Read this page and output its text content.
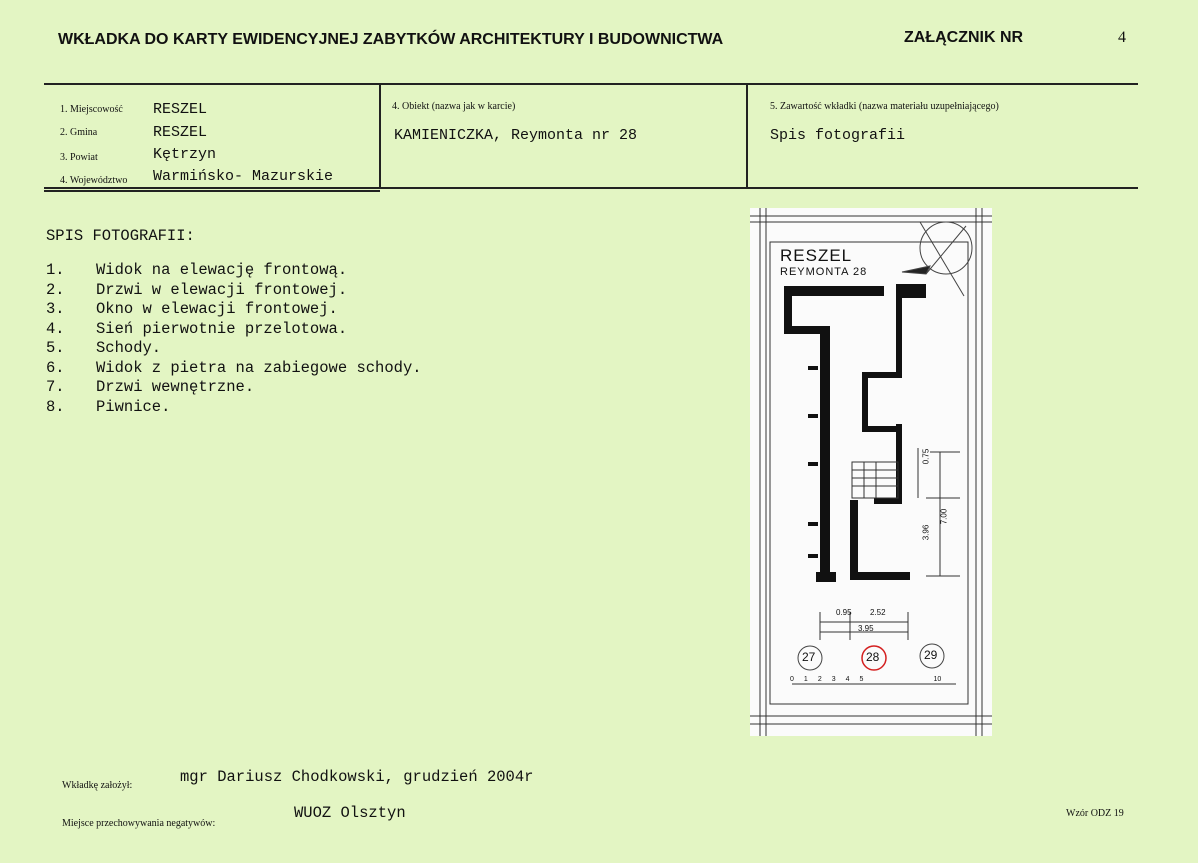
WKŁADKA DO KARTY EWIDENCYJNEJ ZABYTKÓW ARCHITEKTURY I BUDOWNICTWA	ZAŁĄCZNIK NR	4
1. Miejscowość RESZEL
2. Gmina	RESZEL
3. Powiat	Kętrzyn
4. Województwo Warmińsko- Mazurskie
4. Obiekt (nazwa jak w karcie)
KAMIENICZKA, Reymonta nr 28
5. Zawartość wkładki (nazwa materiału uzupełniającego)
Spis fotografii
SPIS FOTOGRAFII:
1.	Widok na elewację frontową.
2.	Drzwi w elewacji frontowej.
3.	Okno w elewacji frontowej.
4.	Sień pierwotnie przelotowa.
5.	Schody.
6.	Widok z pietra na zabiegowe schody.
7.	Drzwi wewnętrzne.
8.	Piwnice.
RESZEL
REYMONTA 28
0.95 2.52
3.95
3.96
7.00
0.75
27	28	29
0 1 2 3 4 5	10
Wkładkę założył:	mgr Dariusz Chodkowski, grudzień 2004r
Miejsce przechowywania negatywów:
WUOZ Olsztyn	Wzór ODZ 19
